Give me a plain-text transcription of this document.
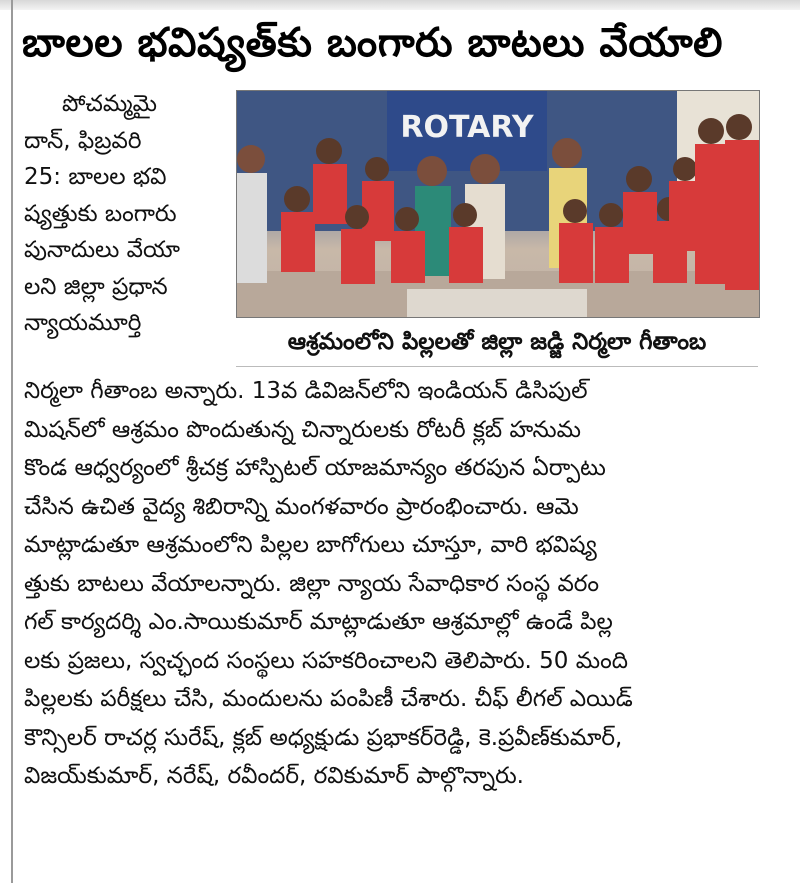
బాలల భవిష్యత్‌కు బంగారు బాటలు వేయాలి
పోచమ్మమై
దాన్, ఫిబ్రవరి
25: బాలల భవి
ష్యత్తుకు బంగారు
పునాదులు వేయా
లని జిల్లా ప్రధాన
న్యాయమూర్తి
ROTARY
ఆశ్రమంలోని పిల్లలతో జిల్లా జడ్జి నిర్మలా గీతాంబ
నిర్మలా గీతాంబ అన్నారు. 13వ డివిజన్‌లోని ఇండియన్ డిసిపుల్
మిషన్‌లో ఆశ్రమం పొందుతున్న చిన్నారులకు రోటరీ క్లబ్ హనుమ
కొండ ఆధ్వర్యంలో శ్రీచక్ర హాస్పిటల్ యాజమాన్యం తరపున ఏర్పాటు
చేసిన ఉచిత వైద్య శిబిరాన్ని మంగళవారం ప్రారంభించారు. ఆమె
మాట్లాడుతూ ఆశ్రమంలోని పిల్లల బాగోగులు చూస్తూ, వారి భవిష్య
త్తుకు బాటలు వేయాలన్నారు. జిల్లా న్యాయ సేవాధికార సంస్థ వరం
గల్ కార్యదర్శి ఎం.సాయికుమార్ మాట్లాడుతూ ఆశ్రమాల్లో ఉండే పిల్ల
లకు ప్రజలు, స్వచ్ఛంద సంస్థలు సహకరించాలని తెలిపారు. 50 మంది
పిల్లలకు పరీక్షలు చేసి, మందులను పంపిణీ చేశారు. చీఫ్ లీగల్ ఎయిడ్
కౌన్సిలర్ రాచర్ల సురేష్, క్లబ్ అధ్యక్షుడు ప్రభాకర్‌రెడ్డి, కె.ప్రవీణ్‌కుమార్,
విజయ్‌కుమార్, నరేష్, రవీందర్, రవికుమార్ పాల్గొన్నారు.
